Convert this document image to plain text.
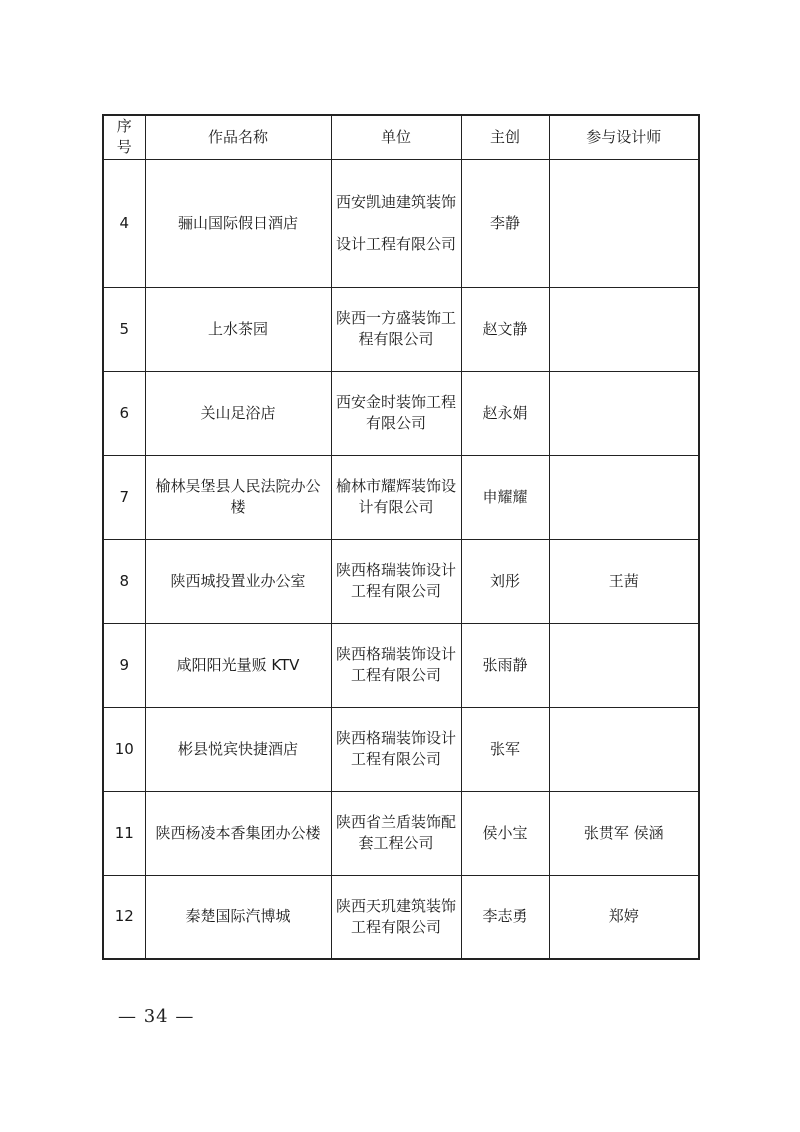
序号	作品名称	单位	主创	参与设计师
4	骊山国际假日酒店	西安凯迪建筑装饰设计工程有限公司	李静	
5	上水茶园	陕西一方盛装饰工程有限公司	赵文静	
6	关山足浴店	西安金时装饰工程有限公司	赵永娟	
7	榆林吴堡县人民法院办公楼	榆林市耀辉装饰设计有限公司	申耀耀	
8	陕西城投置业办公室	陕西格瑞装饰设计工程有限公司	刘彤	王茜
9	咸阳阳光量贩 KTV	陕西格瑞装饰设计工程有限公司	张雨静	
10	彬县悦宾快捷酒店	陕西格瑞装饰设计工程有限公司	张军	
11	陕西杨凌本香集团办公楼	陕西省兰盾装饰配套工程公司	侯小宝	张贯军 侯涵
12	秦楚国际汽博城	陕西天玑建筑装饰工程有限公司	李志勇	郑婷
— 34 —
